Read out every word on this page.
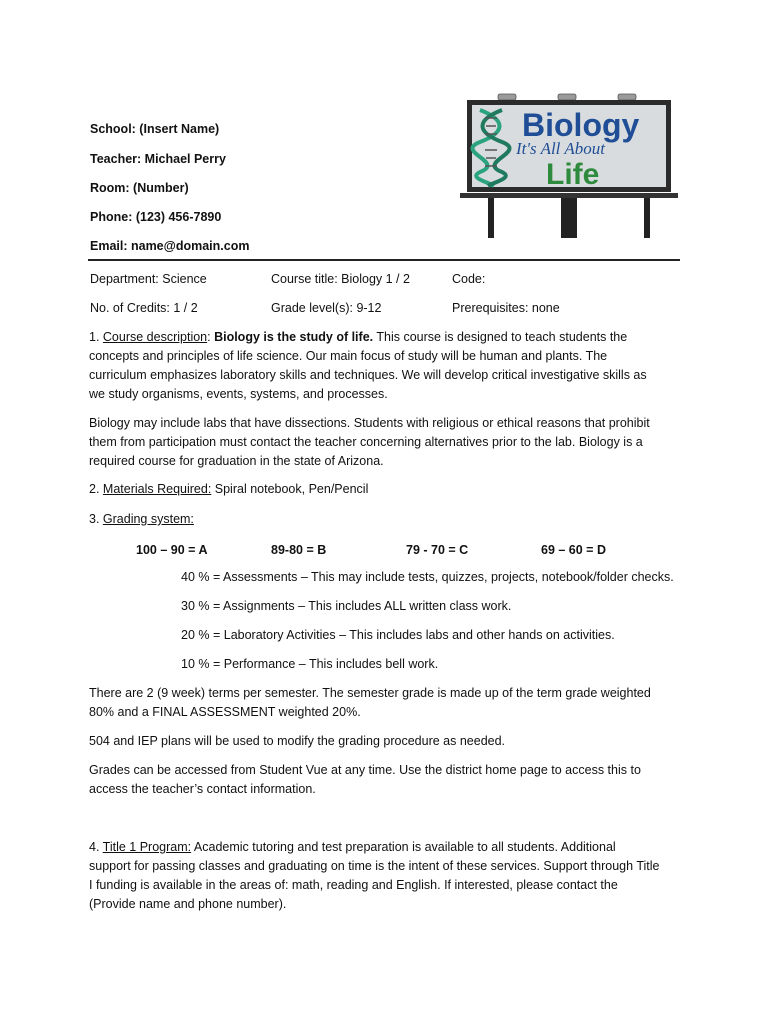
School: (Insert Name)
Teacher: Michael Perry
Room: (Number)
Phone: (123) 456-7890
Email: name@domain.com
Biology
It's All About
Life
Department: Science	Course title: Biology 1 / 2	Code:
No. of Credits: 1 / 2	Grade level(s): 9-12	Prerequisites: none
1. Course description: Biology is the study of life. This course is designed to teach students the
concepts and principles of life science. Our main focus of study will be human and plants. The
curriculum emphasizes laboratory skills and techniques. We will develop critical investigative skills as
we study organisms, events, systems, and processes.
Biology may include labs that have dissections. Students with religious or ethical reasons that prohibit
them from participation must contact the teacher concerning alternatives prior to the lab. Biology is a
required course for graduation in the state of Arizona.
2. Materials Required: Spiral notebook, Pen/Pencil
3. Grading system:
100 – 90 = A	89-80 = B	79 - 70 = C	69 – 60 = D
40 % = Assessments – This may include tests, quizzes, projects, notebook/folder checks.
30 % = Assignments – This includes ALL written class work.
20 % = Laboratory Activities – This includes labs and other hands on activities.
10 % = Performance – This includes bell work.
There are 2 (9 week) terms per semester. The semester grade is made up of the term grade weighted
80% and a FINAL ASSESSMENT weighted 20%.
504 and IEP plans will be used to modify the grading procedure as needed.
Grades can be accessed from Student Vue at any time. Use the district home page to access this to
access the teacher’s contact information.
4. Title 1 Program: Academic tutoring and test preparation is available to all students. Additional
support for passing classes and graduating on time is the intent of these services. Support through Title
I funding is available in the areas of: math, reading and English. If interested, please contact the
(Provide name and phone number).
